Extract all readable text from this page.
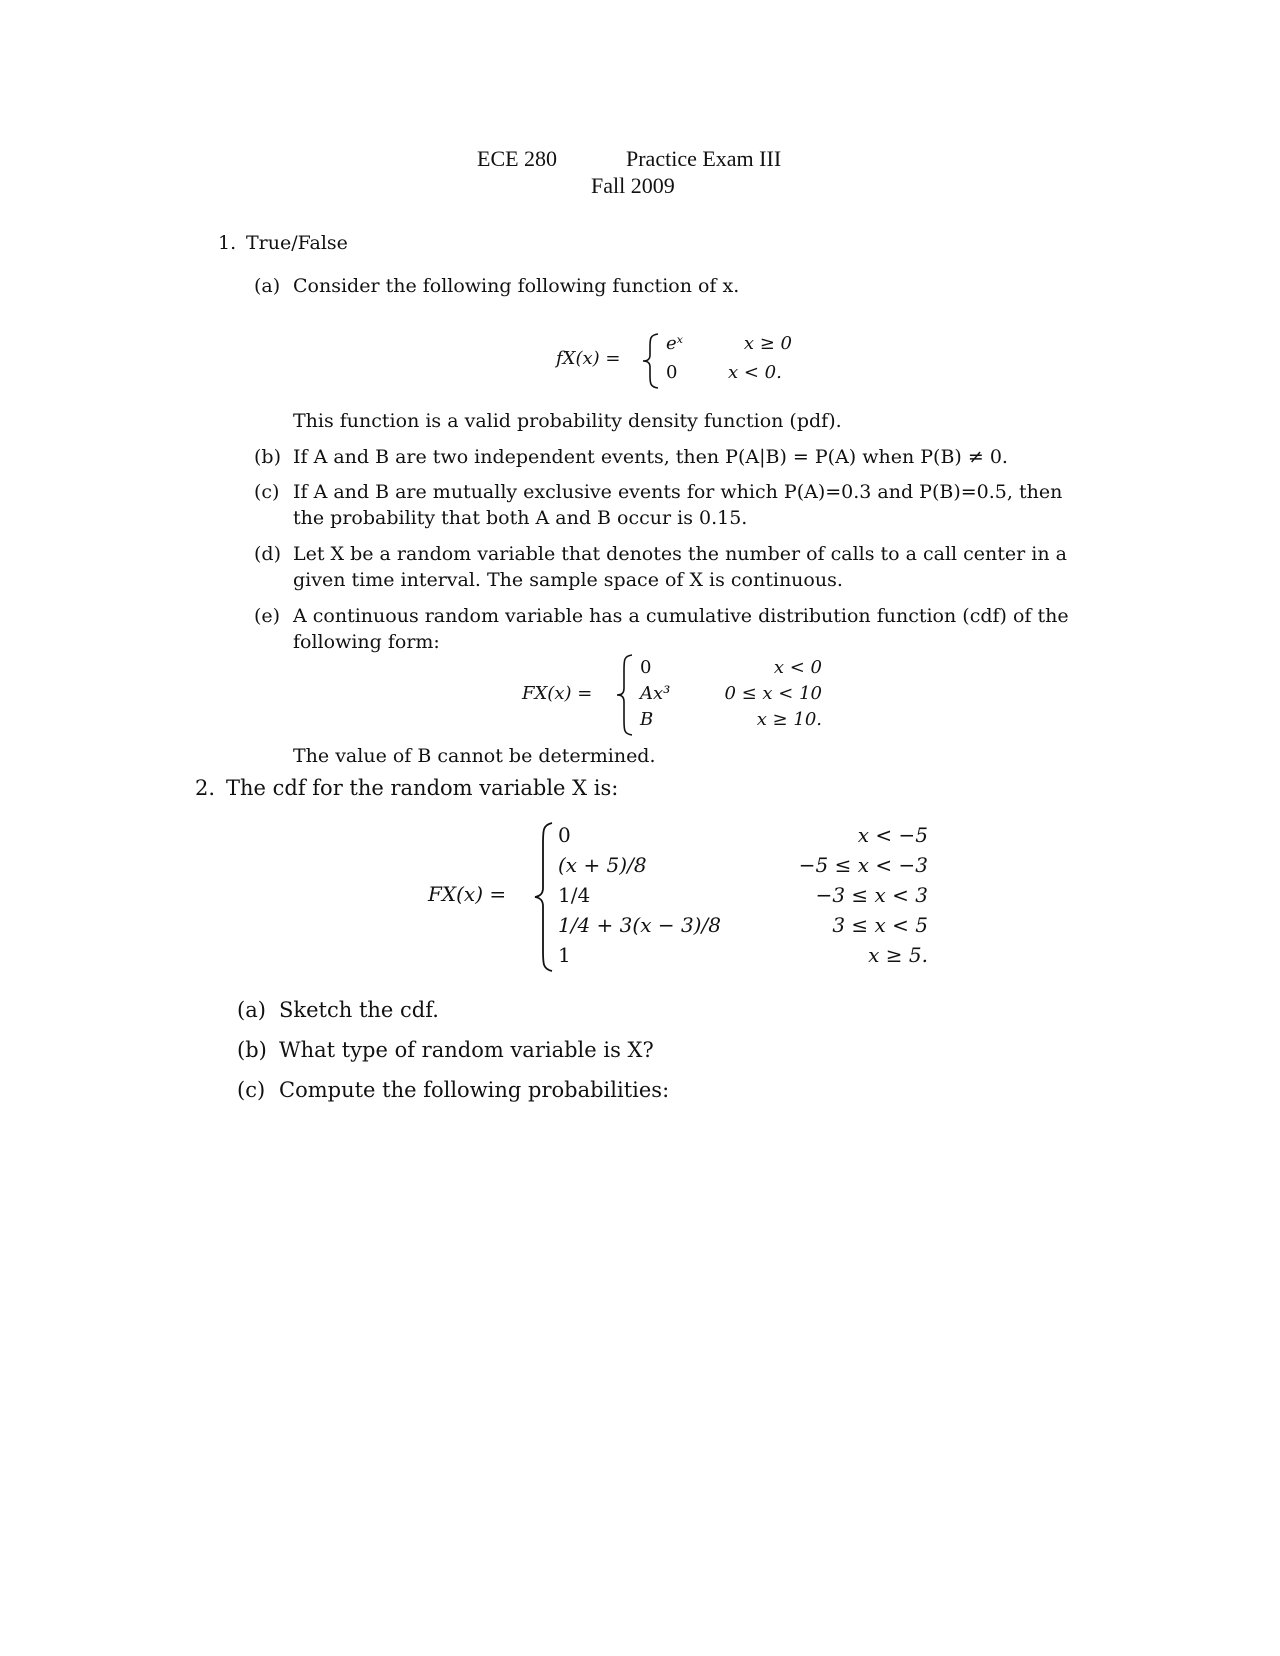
ECE 280	Practice Exam III
Fall 2009
1. True/False
(a) Consider the following following function of x.
fX(x) =
eˣ	x ≥ 0
0	x < 0.
This function is a valid probability density function (pdf).
(b) If A and B are two independent events, then P(A|B) = P(A) when P(B) ≠ 0.
(c) If A and B are mutually exclusive events for which P(A)=0.3 and P(B)=0.5, then
the probability that both A and B occur is 0.15.
(d) Let X be a random variable that denotes the number of calls to a call center in a
given time interval. The sample space of X is continuous.
(e) A continuous random variable has a cumulative distribution function (cdf) of the
following form:
FX(x) =
0	x < 0
Ax³	0 ≤ x < 10
B	x ≥ 10.
The value of B cannot be determined.
2. The cdf for the random variable X is:
FX(x) =
0	x < −5
(x + 5)/8	−5 ≤ x < −3
1/4	−3 ≤ x < 3
1/4 + 3(x − 3)/8	3 ≤ x < 5
1	x ≥ 5.
(a) Sketch the cdf.
(b) What type of random variable is X?
(c) Compute the following probabilities:
